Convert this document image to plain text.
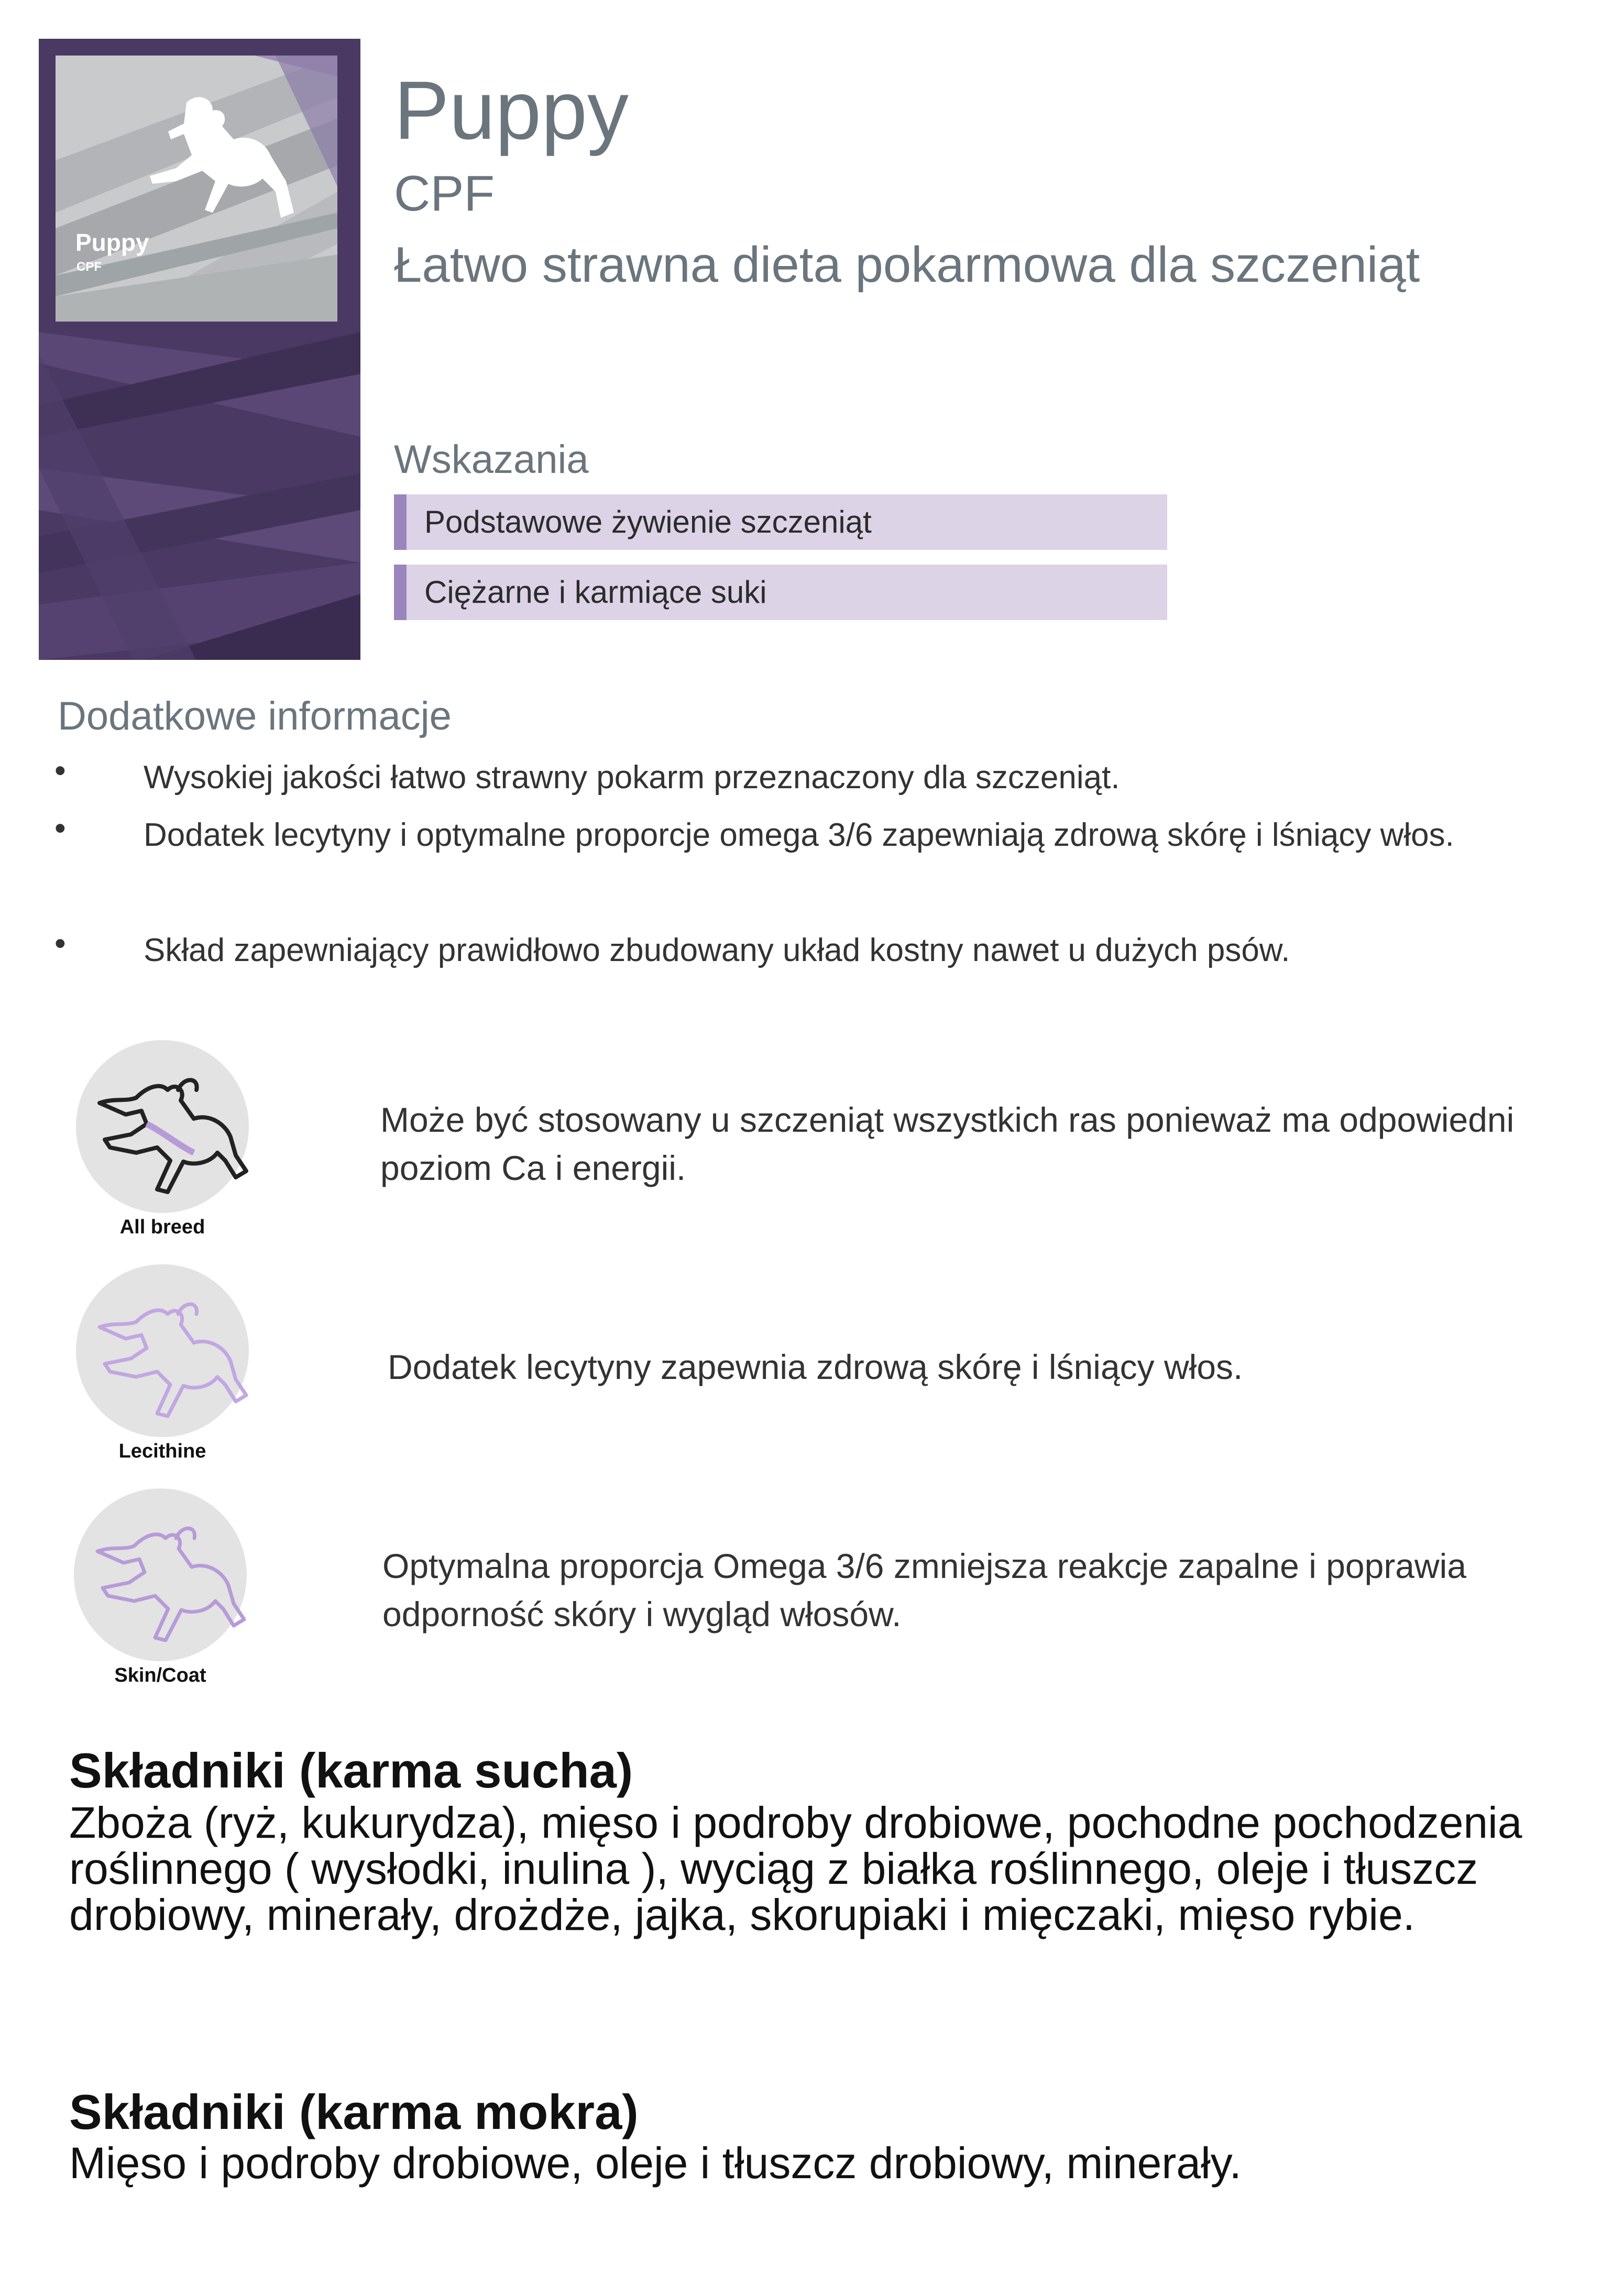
Puppy
CPF
Puppy
CPF
Łatwo strawna dieta pokarmowa dla szczeniąt
Wskazania
Podstawowe żywienie szczeniąt
Ciężarne i karmiące suki
Dodatkowe informacje
• Wysokiej jakości łatwo strawny pokarm przeznaczony dla szczeniąt.
• Dodatek lecytyny i optymalne proporcje omega 3/6 zapewniają zdrową skórę i lśniący włos.
• Skład zapewniający prawidłowo zbudowany układ kostny nawet u dużych psów.
All breed
Lecithine
Skin/Coat
Może być stosowany u szczeniąt wszystkich ras ponieważ ma odpowiedni poziom Ca i energii.
Dodatek lecytyny zapewnia zdrową skórę i lśniący włos.
Optymalna proporcja Omega 3/6 zmniejsza reakcje zapalne i poprawia odporność skóry i wygląd włosów.
Składniki (karma sucha)
Zboża (ryż, kukurydza), mięso i podroby drobiowe, pochodne pochodzenia roślinnego ( wysłodki, inulina ), wyciąg z białka roślinnego, oleje i tłuszcz drobiowy, minerały, drożdże, jajka, skorupiaki i mięczaki, mięso rybie.
Składniki (karma mokra)
Mięso i podroby drobiowe, oleje i tłuszcz drobiowy, minerały.
